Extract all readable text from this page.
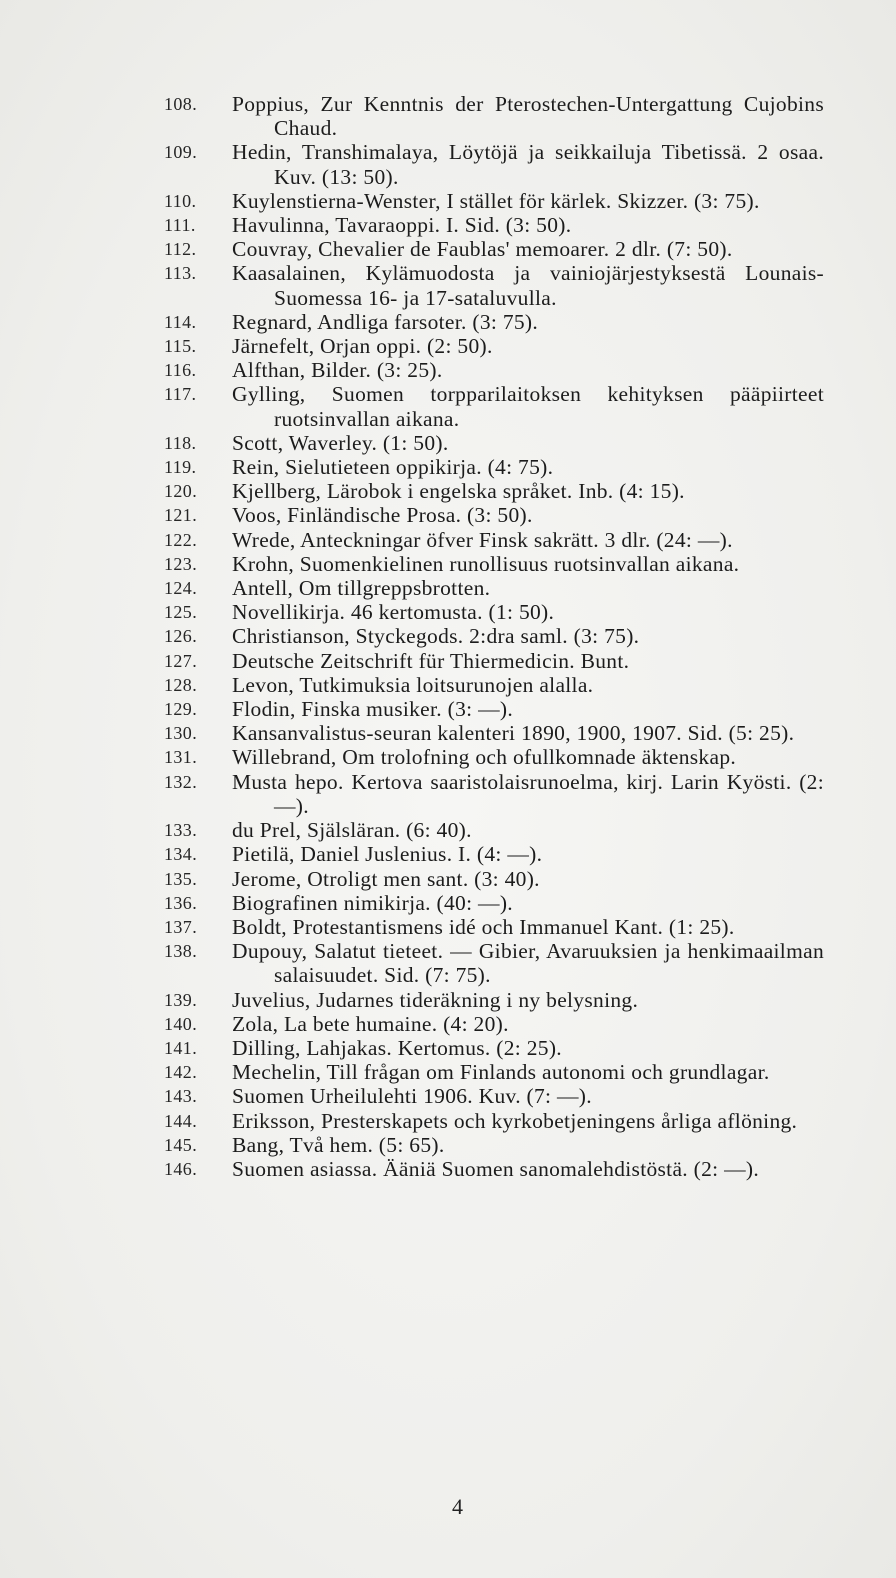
108.	Poppius, Zur Kenntnis der Pterostechen-Untergattung Cujobins Chaud.
109.	Hedin, Transhimalaya, Löytöjä ja seikkailuja Tibetissä. 2 osaa. Kuv. (13: 50).
110.	Kuylenstierna-Wenster, I stället för kärlek. Skizzer. (3: 75).
111.	Havulinna, Tavaraoppi. I. Sid. (3: 50).
112.	Couvray, Chevalier de Faublas' memoarer. 2 dlr. (7: 50).
113.	Kaasalainen, Kylämuodosta ja vainiojärjestyksestä Lounais-Suomessa 16- ja 17-sataluvulla.
114.	Regnard, Andliga farsoter. (3: 75).
115.	Järnefelt, Orjan oppi. (2: 50).
116.	Alfthan, Bilder. (3: 25).
117.	Gylling, Suomen torpparilaitoksen kehityksen pääpiirteet ruotsinvallan aikana.
118.	Scott, Waverley. (1: 50).
119.	Rein, Sielutieteen oppikirja. (4: 75).
120.	Kjellberg, Lärobok i engelska språket. Inb. (4: 15).
121.	Voos, Finländische Prosa. (3: 50).
122.	Wrede, Anteckningar öfver Finsk sakrätt. 3 dlr. (24: —).
123.	Krohn, Suomenkielinen runollisuus ruotsinvallan aikana.
124.	Antell, Om tillgreppsbrotten.
125.	Novellikirja. 46 kertomusta. (1: 50).
126.	Christianson, Styckegods. 2:dra saml. (3: 75).
127.	Deutsche Zeitschrift für Thiermedicin. Bunt.
128.	Levon, Tutkimuksia loitsurunojen alalla.
129.	Flodin, Finska musiker. (3: —).
130.	Kansanvalistus-seuran kalenteri 1890, 1900, 1907. Sid. (5: 25).
131.	Willebrand, Om trolofning och ofullkomnade äktenskap.
132.	Musta hepo. Kertova saaristolaisrunoelma, kirj. Larin Kyösti. (2: —).
133.	du Prel, Själsläran. (6: 40).
134.	Pietilä, Daniel Juslenius. I. (4: —).
135.	Jerome, Otroligt men sant. (3: 40).
136.	Biografinen nimikirja. (40: —).
137.	Boldt, Protestantismens idé och Immanuel Kant. (1: 25).
138.	Dupouy, Salatut tieteet. — Gibier, Avaruuksien ja henkimaailman salaisuudet. Sid. (7: 75).
139.	Juvelius, Judarnes tideräkning i ny belysning.
140.	Zola, La bete humaine. (4: 20).
141.	Dilling, Lahjakas. Kertomus. (2: 25).
142.	Mechelin, Till frågan om Finlands autonomi och grundlagar.
143.	Suomen Urheilulehti 1906. Kuv. (7: —).
144.	Eriksson, Presterskapets och kyrkobetjeningens årliga aflöning.
145.	Bang, Två hem. (5: 65).
146.	Suomen asiassa. Ääniä Suomen sanomalehdistöstä. (2: —).
4
